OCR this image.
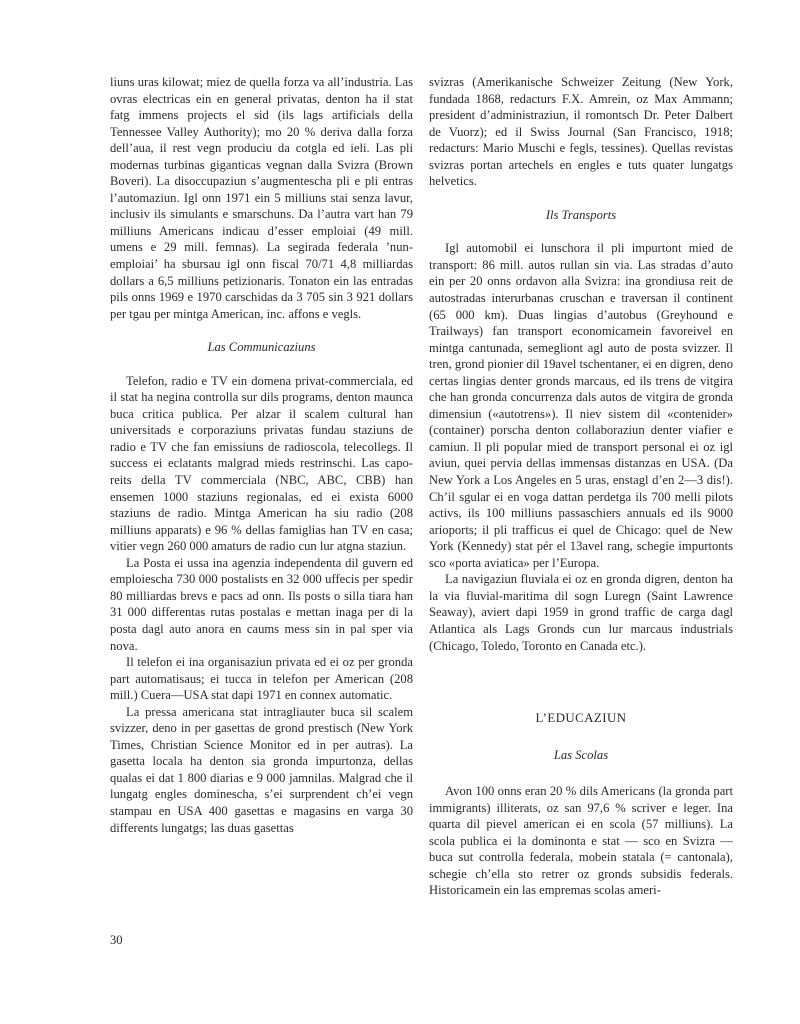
liuns uras kilowat; miez de quella forza va all’industria. Las ovras electricas ein en general privatas, denton ha il stat fatg immens projects el sid (ils lags artificials della Tennessee Valley Authority); mo 20 % deriva dalla forza dell’aua, il rest vegn produciu da cotgla ed ieli. Las pli modernas turbinas giganticas vegnan dalla Svizra (Brown Boveri). La disoccupaziun s’augmentescha pli e pli entras l’automaziun. Igl onn 1971 ein 5 milliuns stai senza lavur, inclusiv ils simulants e smarschuns. Da l’autra vart han 79 milliuns Americans indicau d’esser emploiai (49 mill. umens e 29 mill. femnas). La segirada federala ’nun-emploiai’ ha sbursau igl onn fiscal 70/71 4,8 milliardas dollars a 6,5 milliuns petizionaris. Tonaton ein las entradas pils onns 1969 e 1970 carschidas da 3 705 sin 3 921 dollars per tgau per mintga American, inc. affons e vegls.

Las Communicaziuns

Telefon, radio e TV ein domena privat-commerciala, ed il stat ha negina controlla sur dils programs, denton maunca buca critica publica. Per alzar il scalem cultural han universitads e corporaziuns privatas fundau staziuns de radio e TV che fan emissiuns de radioscola, telecollegs. Il success ei eclatants malgrad mieds restrinschi. Las capo-reits della TV commerciala (NBC, ABC, CBB) han ensemen 1000 staziuns regionalas, ed ei exista 6000 staziuns de radio. Mintga American ha siu radio (208 milliuns apparats) e 96 % dellas famiglias han TV en casa; vitier vegn 260 000 amaturs de radio cun lur atgna staziun.

La Posta ei ussa ina agenzia independenta dil guvern ed emploiescha 730 000 postalists en 32 000 uffecis per spedir 80 milliardas brevs e pacs ad onn. Ils posts o silla tiara han 31 000 differentas rutas postalas e mettan inaga per di la posta dagl auto anora en caums mess sin in pal sper via nova.

Il telefon ei ina organisaziun privata ed ei oz per gronda part automatisaus; ei tucca in telefon per American (208 mill.) Cuera—USA stat dapi 1971 en connex automatic.

La pressa americana stat intragliauter buca sil scalem svizzer, deno in per gasettas de grond prestisch (New York Times, Christian Science Monitor ed in per autras). La gasetta locala ha denton sia gronda impurtonza, dellas qualas ei dat 1 800 diarias e 9 000 jamnilas. Malgrad che il lungatg engles domineschа, s’ei surprendent ch’ei vegn stampau en USA 400 gasettas e magasins en varga 30 differents lungatgs; las duas gasettas

svizras (Amerikanische Schweizer Zeitung (New York, fundada 1868, redacturs F.X. Amrein, oz Max Ammann; president d’administraziun, il romontsch Dr. Peter Dalbert de Vuorz); ed il Swiss Journal (San Francisco, 1918; redacturs: Mario Muschi e fegls, tessines). Quellas revistas svizras portan artechels en engles e tuts quater lungatgs helvetics.

Ils Transports

Igl automobil ei lunschora il pli impurtont mied de transport: 86 mill. autos rullan sin via. Las stradas d’auto ein per 20 onns ordavon alla Svizra: ina grondiusa reit de autostradas interurbanas cruschan e traversan il continent (65 000 km). Duas lingias d’autobus (Greyhound e Trailways) fan transport economicamein favoreivel en mintga cantunada, semegliont agl auto de posta svizzer. Il tren, grond pionier dil 19avel tschentaner, ei en digren, deno certas lingias denter gronds marcaus, ed ils trens de vitgira che han gronda concurrenza dals autos de vitgira de gronda dimensiun («autotrens»). Il niev sistem dil «contenider» (container) porscha denton collaboraziun denter viafier e camiun. Il pli popular mied de transport personal ei oz igl aviun, quei pervia dellas immensas distanzas en USA. (Da New York a Los Angeles en 5 uras, enstagl d’en 2—3 dis!). Ch’il sgular ei en voga dattan perdetga ils 700 melli pilots activs, ils 100 milliuns passaschiers annuals ed ils 9000 arioports; il pli trafficus ei quel de Chicago: quel de New York (Kennedy) stat pér el 13avel rang, schegie impurtonts sco «porta aviatica» per l’Europa.

La navigaziun fluviala ei oz en gronda digren, denton ha la via fluvial-maritima dil sogn Luregn (Saint Lawrence Seaway), aviert dapi 1959 in grond traffic de carga dagl Atlantica als Lags Gronds cun lur marcaus industrials (Chicago, Toledo, Toronto en Canada etc.).

L’EDUCAZIUN
Las Scolas

Avon 100 onns eran 20 % dils Americans (la gronda part immigrants) illiterats, oz san 97,6 % scriver e leger. Ina quarta dil pievel american ei en scola (57 milliuns). La scola publica ei la dominonta e stat — sco en Svizra — buca sut controlla federala, mobein statala (= cantonala), schegie ch’ella sto retrer oz gronds subsidis federals. Historicamein ein las empremas scolas ameri-

30
